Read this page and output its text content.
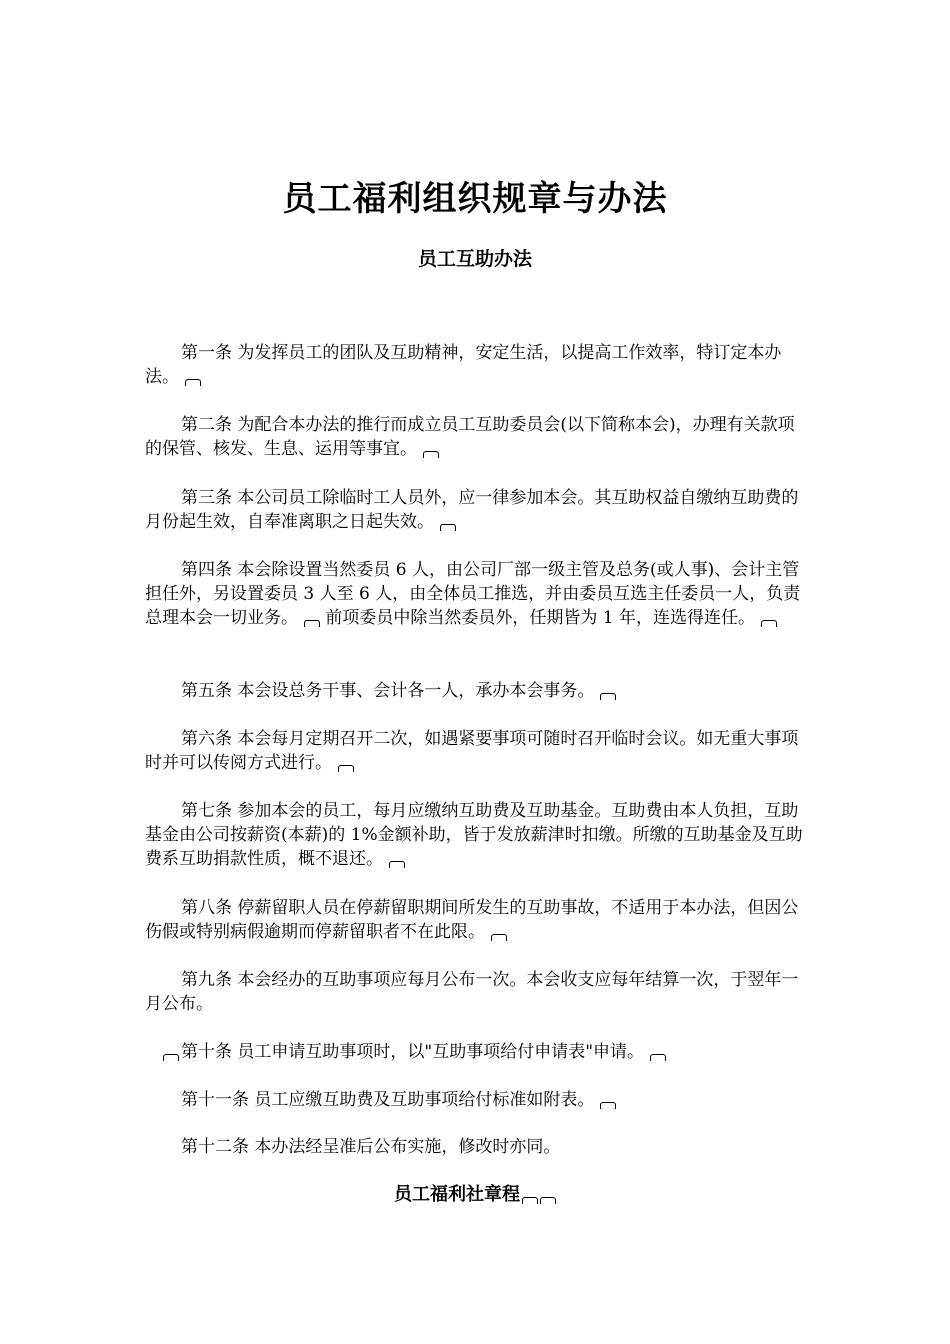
员工福利组织规章与办法
员工互助办法
第一条 为发挥员工的团队及互助精神，安定生活，以提高工作效率，特订定本办法。
第二条 为配合本办法的推行而成立员工互助委员会(以下简称本会)，办理有关款项的保管、核发、生息、运用等事宜。
第三条 本公司员工除临时工人员外，应一律参加本会。其互助权益自缴纳互助费的月份起生效，自奉准离职之日起失效。
第四条 本会除设置当然委员 6 人，由公司厂部一级主管及总务(或人事)、会计主管担任外，另设置委员 3 人至 6 人，由全体员工推选，并由委员互选主任委员一人，负责总理本会一切业务。 前项委员中除当然委员外，任期皆为 1 年，连选得连任。
第五条 本会设总务干事、会计各一人，承办本会事务。
第六条 本会每月定期召开二次，如遇紧要事项可随时召开临时会议。如无重大事项时并可以传阅方式进行。
第七条 参加本会的员工，每月应缴纳互助费及互助基金。互助费由本人负担，互助基金由公司按薪资(本薪)的 1%金额补助，皆于发放薪津时扣缴。所缴的互助基金及互助费系互助捐款性质，概不退还。
第八条 停薪留职人员在停薪留职期间所发生的互助事故，不适用于本办法，但因公伤假或特别病假逾期而停薪留职者不在此限。
第九条 本会经办的互助事项应每月公布一次。本会收支应每年结算一次，于翌年一月公布。
第十条 员工申请互助事项时，以"互助事项给付申请表"申请。
第十一条 员工应缴互助费及互助事项给付标准如附表。
第十二条 本办法经呈准后公布实施，修改时亦同。
员工福利社章程
